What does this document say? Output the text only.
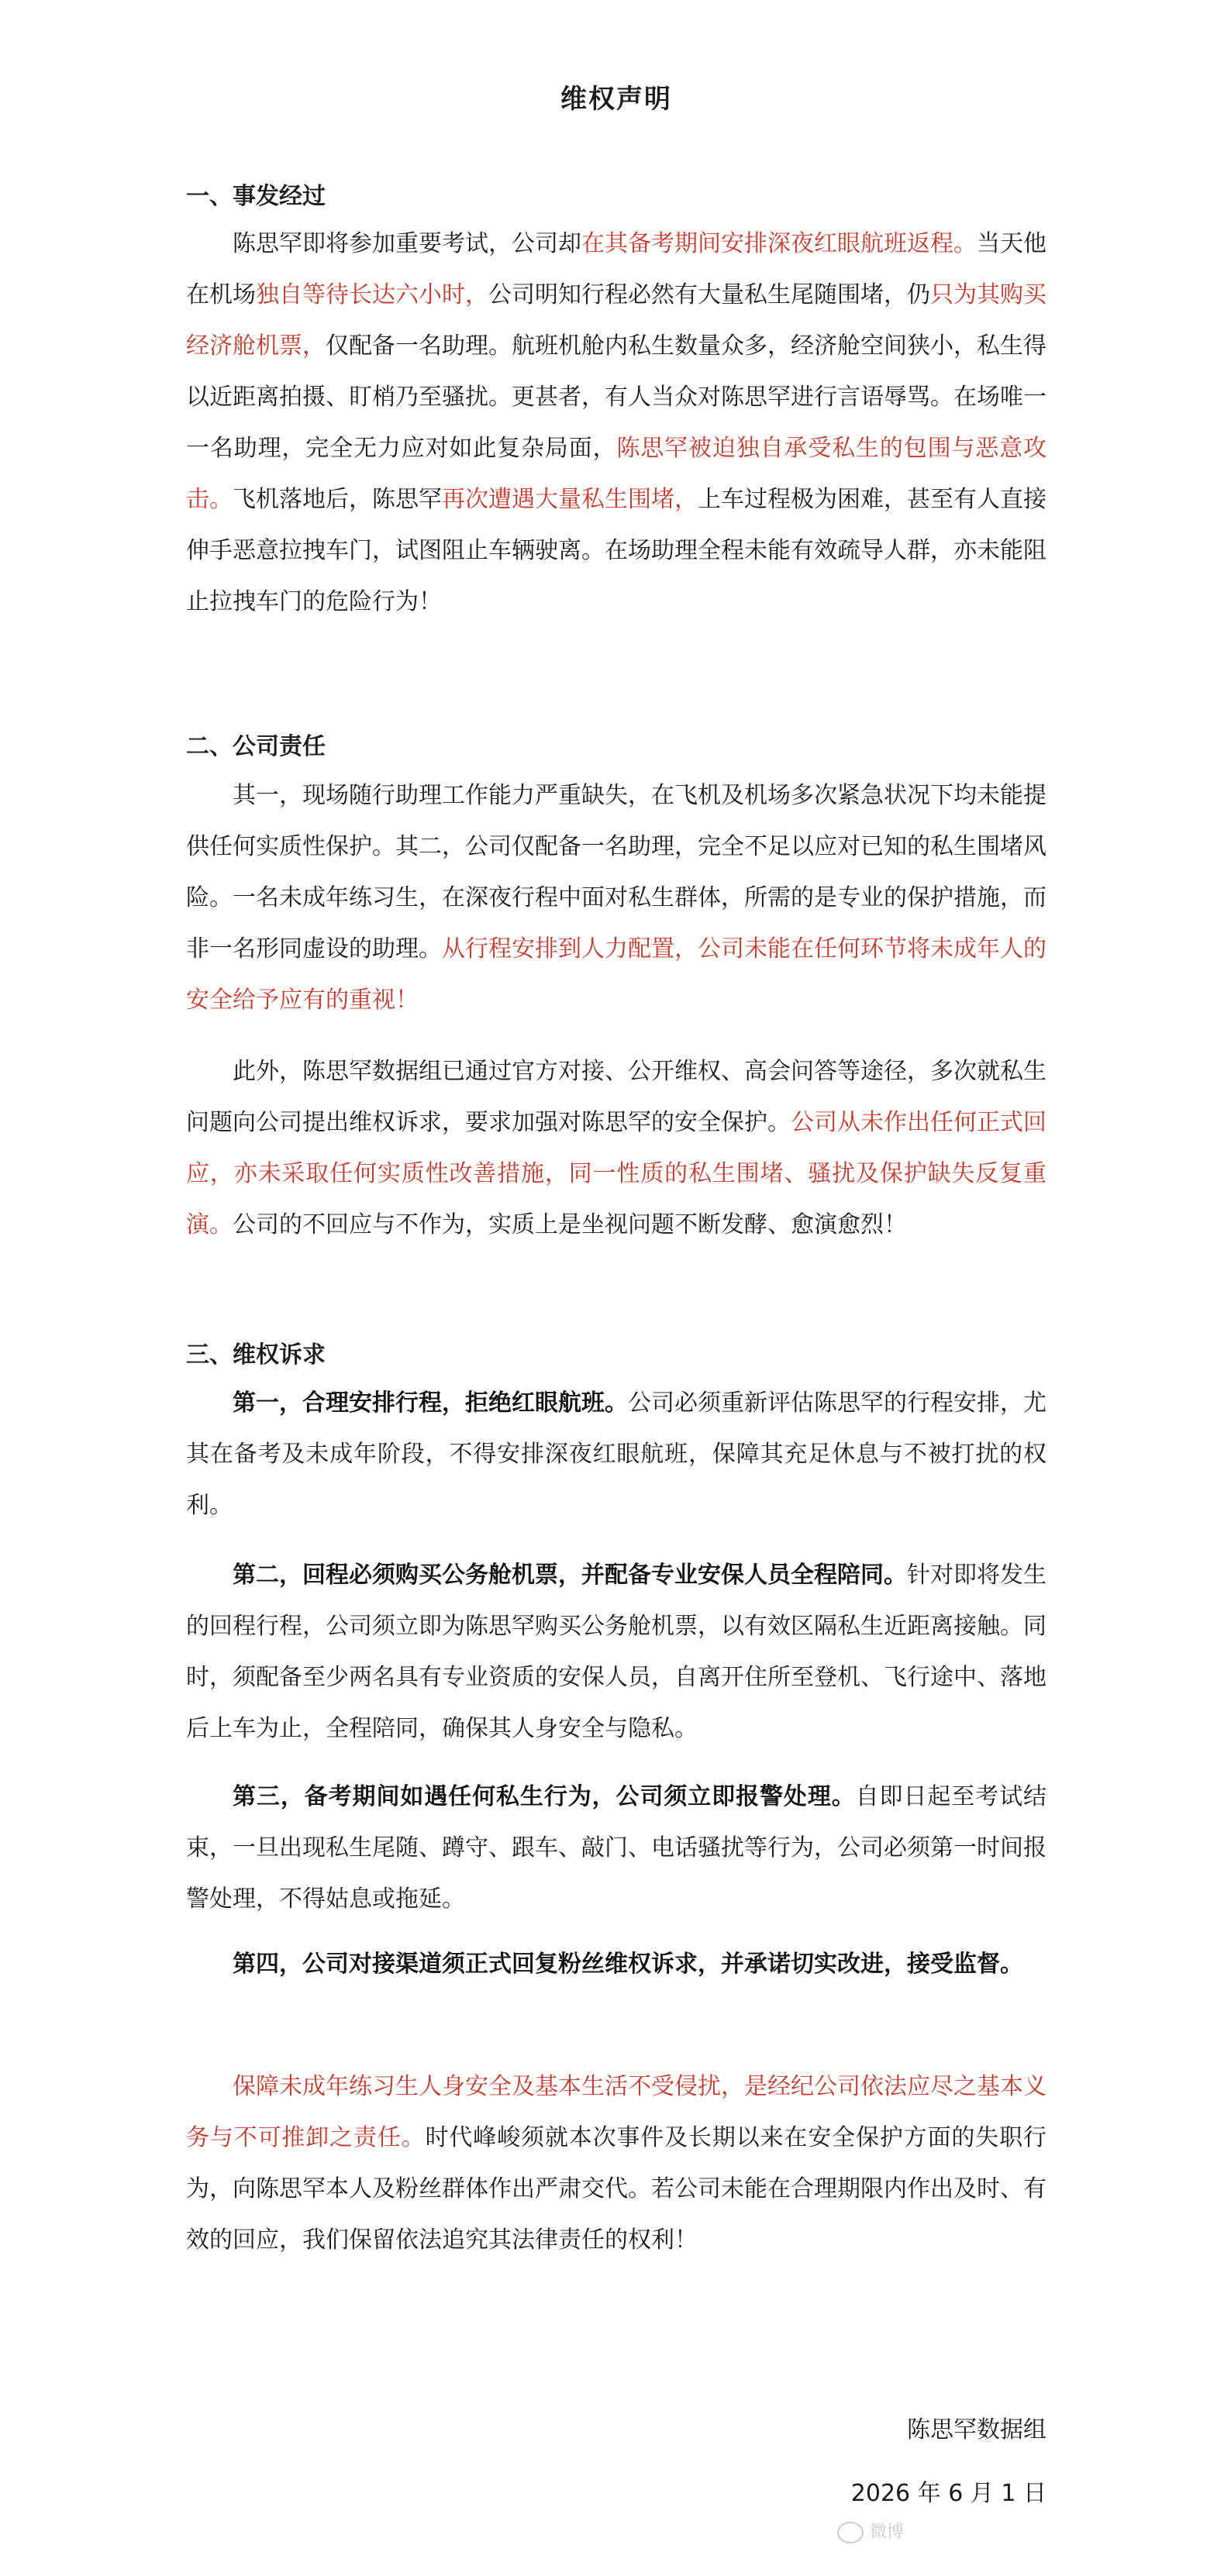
维权声明
一、事发经过
陈思罕即将参加重要考试，公司却在其备考期间安排深夜红眼航班返程。当天他在机场独自等待长达六小时，公司明知行程必然有大量私生尾随围堵，仍只为其购买经济舱机票，仅配备一名助理。航班机舱内私生数量众多，经济舱空间狭小，私生得以近距离拍摄、盯梢乃至骚扰。更甚者，有人当众对陈思罕进行言语辱骂。在场唯一一名助理，完全无力应对如此复杂局面，陈思罕被迫独自承受私生的包围与恶意攻击。飞机落地后，陈思罕再次遭遇大量私生围堵，上车过程极为困难，甚至有人直接伸手恶意拉拽车门，试图阻止车辆驶离。在场助理全程未能有效疏导人群，亦未能阻止拉拽车门的危险行为！
二、公司责任
其一，现场随行助理工作能力严重缺失，在飞机及机场多次紧急状况下均未能提供任何实质性保护。其二，公司仅配备一名助理，完全不足以应对已知的私生围堵风险。一名未成年练习生，在深夜行程中面对私生群体，所需的是专业的保护措施，而非一名形同虚设的助理。从行程安排到人力配置，公司未能在任何环节将未成年人的安全给予应有的重视！
此外，陈思罕数据组已通过官方对接、公开维权、高会问答等途径，多次就私生问题向公司提出维权诉求，要求加强对陈思罕的安全保护。公司从未作出任何正式回应，亦未采取任何实质性改善措施，同一性质的私生围堵、骚扰及保护缺失反复重演。公司的不回应与不作为，实质上是坐视问题不断发酵、愈演愈烈！
三、维权诉求
第一，合理安排行程，拒绝红眼航班。公司必须重新评估陈思罕的行程安排，尤其在备考及未成年阶段，不得安排深夜红眼航班，保障其充足休息与不被打扰的权利。
第二，回程必须购买公务舱机票，并配备专业安保人员全程陪同。针对即将发生的回程行程，公司须立即为陈思罕购买公务舱机票，以有效区隔私生近距离接触。同时，须配备至少两名具有专业资质的安保人员，自离开住所至登机、飞行途中、落地后上车为止，全程陪同，确保其人身安全与隐私。
第三，备考期间如遇任何私生行为，公司须立即报警处理。自即日起至考试结束，一旦出现私生尾随、蹲守、跟车、敲门、电话骚扰等行为，公司必须第一时间报警处理，不得姑息或拖延。
第四，公司对接渠道须正式回复粉丝维权诉求，并承诺切实改进，接受监督。
保障未成年练习生人身安全及基本生活不受侵扰，是经纪公司依法应尽之基本义务与不可推卸之责任。时代峰峻须就本次事件及长期以来在安全保护方面的失职行为，向陈思罕本人及粉丝群体作出严肃交代。若公司未能在合理期限内作出及时、有效的回应，我们保留依法追究其法律责任的权利！
陈思罕数据组
2026 年 6 月 1 日
微博
